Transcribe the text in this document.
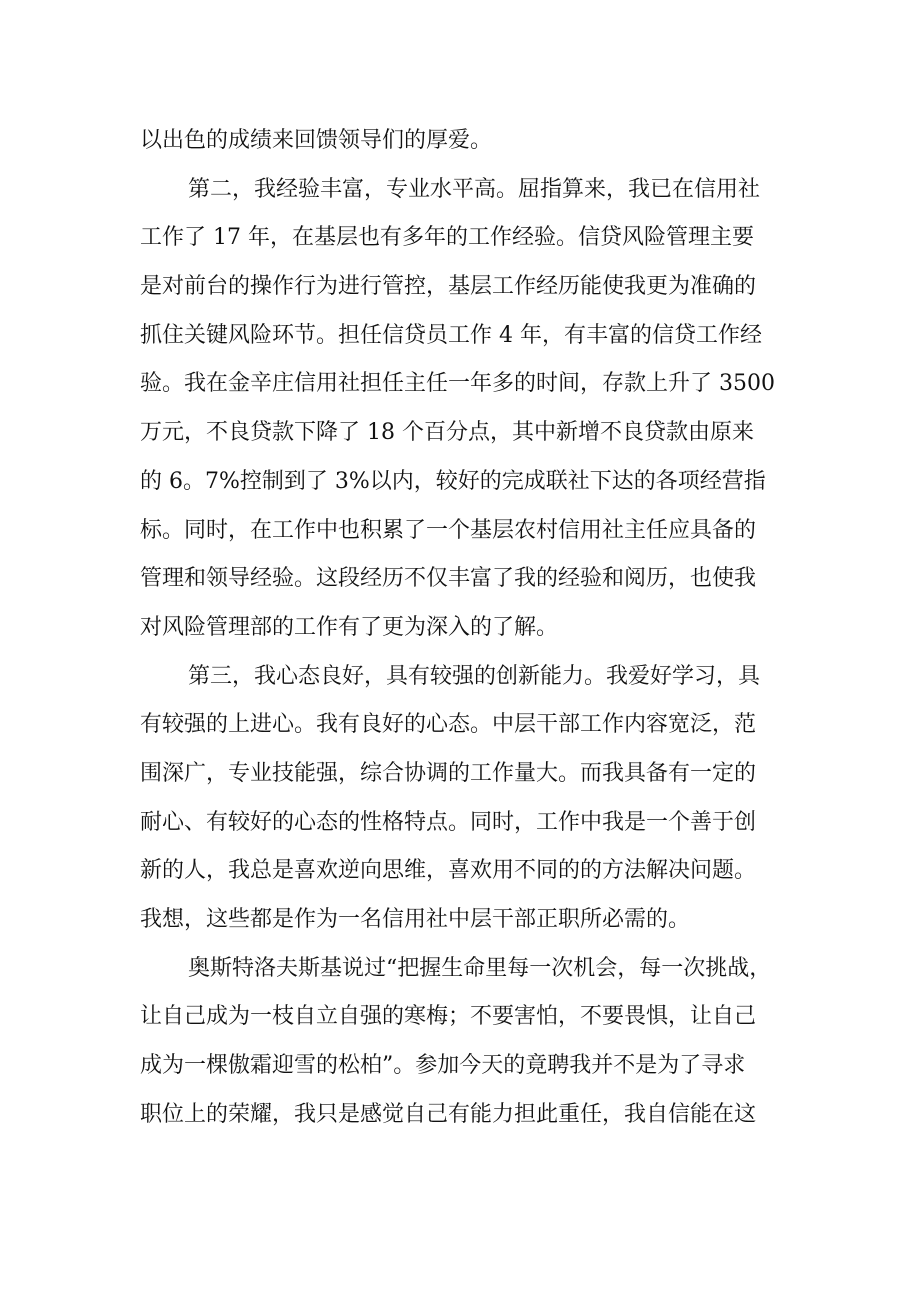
以出色的成绩来回馈领导们的厚爱。
第二，我经验丰富，专业水平高。屈指算来，我已在信用社
工作了 17 年，在基层也有多年的工作经验。信贷风险管理主要
是对前台的操作行为进行管控，基层工作经历能使我更为准确的
抓住关键风险环节。担任信贷员工作 4 年，有丰富的信贷工作经
验。我在金辛庄信用社担任主任一年多的时间，存款上升了 3500
万元，不良贷款下降了 18 个百分点，其中新增不良贷款由原来
的 6。7%控制到了 3%以内，较好的完成联社下达的各项经营指
标。同时，在工作中也积累了一个基层农村信用社主任应具备的
管理和领导经验。这段经历不仅丰富了我的经验和阅历，也使我
对风险管理部的工作有了更为深入的了解。
第三，我心态良好，具有较强的创新能力。我爱好学习，具
有较强的上进心。我有良好的心态。中层干部工作内容宽泛，范
围深广，专业技能强，综合协调的工作量大。而我具备有一定的
耐心、有较好的心态的性格特点。同时，工作中我是一个善于创
新的人，我总是喜欢逆向思维，喜欢用不同的的方法解决问题。
我想，这些都是作为一名信用社中层干部正职所必需的。
奥斯特洛夫斯基说过“把握生命里每一次机会，每一次挑战，
让自己成为一枝自立自强的寒梅；不要害怕，不要畏惧，让自己
成为一棵傲霜迎雪的松柏”。参加今天的竟聘我并不是为了寻求
职位上的荣耀，我只是感觉自己有能力担此重任，我自信能在这
